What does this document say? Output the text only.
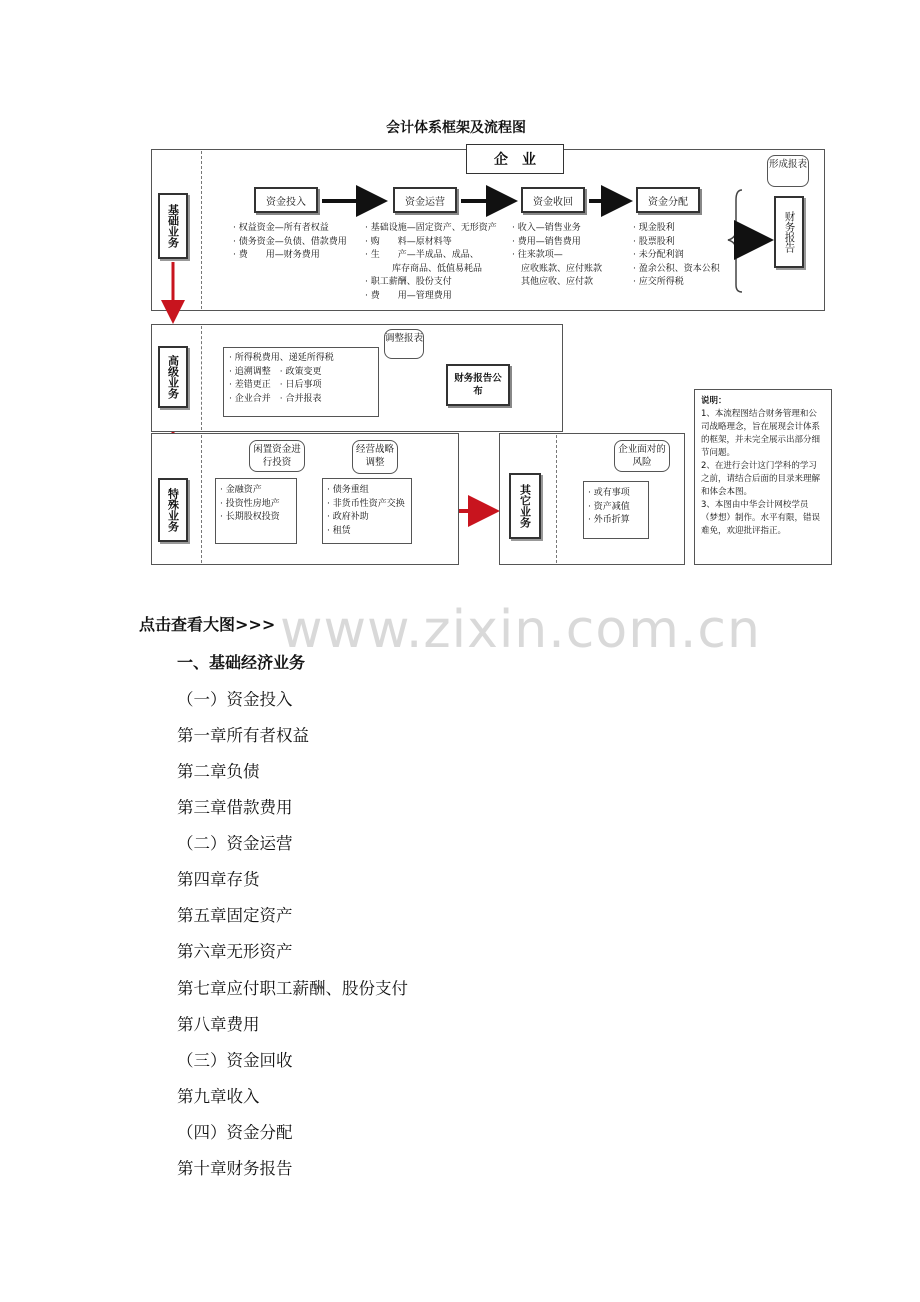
会计体系框架及流程图
企　业
基础业务
资金投入	资金运营	资金收回	资金分配
· 权益资金—所有者权益
· 债务资金—负债、借款费用
· 费　　用—财务费用
· 基础设施—固定资产、无形资产
· 购　　料—原材料等
· 生　　产—半成品、成品、
　　　库存商品、低值易耗品
· 职工薪酬、股份支付
· 费　　用—管理费用
· 收入—销售业务
· 费用—销售费用
· 往来款项—
　应收账款、应付账款
　其他应收、应付款
· 现金股利
· 股票股利
· 未分配利润
· 盈余公积、资本公积
· 应交所得税
形成报表
财务报告
高级业务	· 所得税费用、递延所得税
· 追溯调整　· 政策变更
· 差错更正　· 日后事项
· 企业合并　· 合并报表
调整报表
财务报告公　布
特殊业务
闲置资金进行投资
经营战略调整
· 金融资产
· 投资性房地产
· 长期股权投资
· 债务重组
· 非货币性资产交换
· 政府补助
· 租赁
其它业务
企业面对的风险
· 或有事项
· 资产减值
· 外币折算
说明：
1、本流程图结合财务管理和公司战略理念，旨在展现会计体系的框架，并未完全展示出部分细节问题。
2、在进行会计这门学科的学习之前，请结合后面的目录来理解和体会本图。
3、本图由中华会计网校学员（梦想）制作。水平有限，错误难免，欢迎批评指正。
www.zixin.com.cn
点击查看大图>>>
一、基础经济业务
（一）资金投入
第一章所有者权益
第二章负债
第三章借款费用
（二）资金运营
第四章存货
第五章固定资产
第六章无形资产
第七章应付职工薪酬、股份支付
第八章费用
（三）资金回收
第九章收入
（四）资金分配
第十章财务报告
